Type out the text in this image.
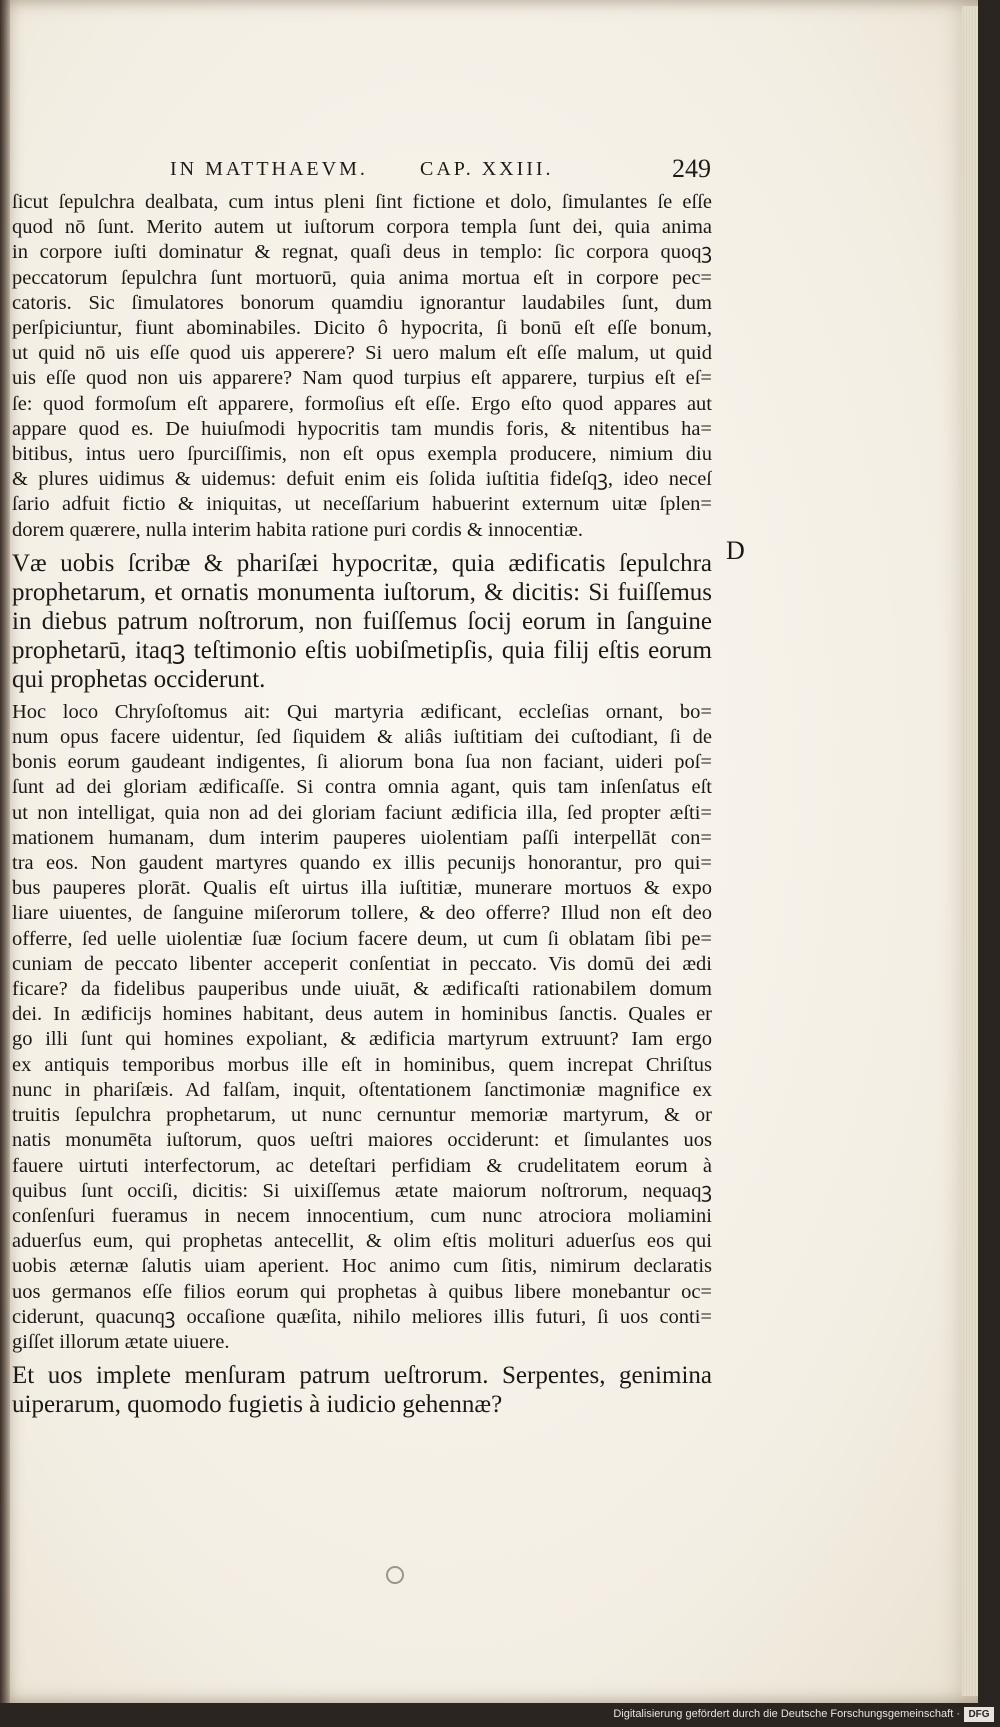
IN MATTHAEVM.	CAP. XXIII.	249
D
ſicut ſepulchra dealbata, cum intus pleni ſint fictione et dolo, ſimulantes ſe eſſe
quod nō ſunt. Merito autem ut iuſtorum corpora templa ſunt dei, quia anima
in corpore iuſti dominatur & regnat, quaſi deus in templo: ſic corpora quoqꝫ
peccatorum ſepulchra ſunt mortuorū, quia anima mortua eſt in corpore pec=
catoris. Sic ſimulatores bonorum quamdiu ignorantur laudabiles ſunt, dum
perſpiciuntur, fiunt abominabiles. Dicito ô hypocrita, ſi bonū eſt eſſe bonum,
ut quid nō uis eſſe quod uis apperere? Si uero malum eſt eſſe malum, ut quid
uis eſſe quod non uis apparere? Nam quod turpius eſt apparere, turpius eſt eſ=
ſe: quod formoſum eſt apparere, formoſius eſt eſſe. Ergo eſto quod appares aut
appare quod es. De huiuſmodi hypocritis tam mundis foris, & nitentibus ha=
bitibus, intus uero ſpurciſſimis, non eſt opus exempla producere, nimium diu
& plures uidimus & uidemus: defuit enim eis ſolida iuſtitia fideſqꝫ, ideo neceſ
ſario adfuit fictio & iniquitas, ut neceſſarium habuerint externum uitæ ſplen=
dorem quærere, nulla interim habita ratione puri cordis & innocentiæ.
Væ uobis ſcribæ & phariſæi hypocritæ, quia ædificatis ſepulchra
prophetarum, et ornatis monumenta iuſtorum, & dicitis: Si fuiſſemus
in diebus patrum noſtrorum, non fuiſſemus ſocij eorum in ſanguine
prophetarū, itaqꝫ teſtimonio eſtis uobiſmetipſis, quia filij eſtis eorum
qui prophetas occiderunt.
Hoc loco Chryſoſtomus ait: Qui martyria ædificant, eccleſias ornant, bo=
num opus facere uidentur, ſed ſiquidem & aliâs iuſtitiam dei cuſtodiant, ſi de
bonis eorum gaudeant indigentes, ſi aliorum bona ſua non faciant, uideri poſ=
ſunt ad dei gloriam ædificaſſe. Si contra omnia agant, quis tam inſenſatus eſt
ut non intelligat, quia non ad dei gloriam faciunt ædificia illa, ſed propter æſti=
mationem humanam, dum interim pauperes uiolentiam paſſi interpellāt con=
tra eos. Non gaudent martyres quando ex illis pecunijs honorantur, pro qui=
bus pauperes plorāt. Qualis eſt uirtus illa iuſtitiæ, munerare mortuos & expo
liare uiuentes, de ſanguine miſerorum tollere, & deo offerre? Illud non eſt deo
offerre, ſed uelle uiolentiæ ſuæ ſocium facere deum, ut cum ſi oblatam ſibi pe=
cuniam de peccato libenter acceperit conſentiat in peccato. Vis domū dei ædi
ficare? da fidelibus pauperibus unde uiuāt, & ædificaſti rationabilem domum
dei. In ædificijs homines habitant, deus autem in hominibus ſanctis. Quales er
go illi ſunt qui homines expoliant, & ædificia martyrum extruunt? Iam ergo
ex antiquis temporibus morbus ille eſt in hominibus, quem increpat Chriſtus
nunc in phariſæis. Ad falſam, inquit, oſtentationem ſanctimoniæ magnifice ex
truitis ſepulchra prophetarum, ut nunc cernuntur memoriæ martyrum, & or
natis monumēta iuſtorum, quos ueſtri maiores occiderunt: et ſimulantes uos
fauere uirtuti interfectorum, ac deteſtari perfidiam & crudelitatem eorum à
quibus ſunt occiſi, dicitis: Si uixiſſemus ætate maiorum noſtrorum, nequaqꝫ
conſenſuri fueramus in necem innocentium, cum nunc atrociora moliamini
aduerſus eum, qui prophetas antecellit, & olim eſtis molituri aduerſus eos qui
uobis æternæ ſalutis uiam aperient. Hoc animo cum ſitis, nimirum declaratis
uos germanos eſſe filios eorum qui prophetas à quibus libere monebantur oc=
ciderunt, quacunqꝫ occaſione quæſita, nihilo meliores illis futuri, ſi uos conti=
giſſet illorum ætate uiuere.
Et uos implete menſuram patrum ueſtrorum. Serpentes, genimina
uiperarum, quomodo fugietis à iudicio gehennæ?
Digitalisierung gefördert durch die Deutsche Forschungsgemeinschaft · DFG
